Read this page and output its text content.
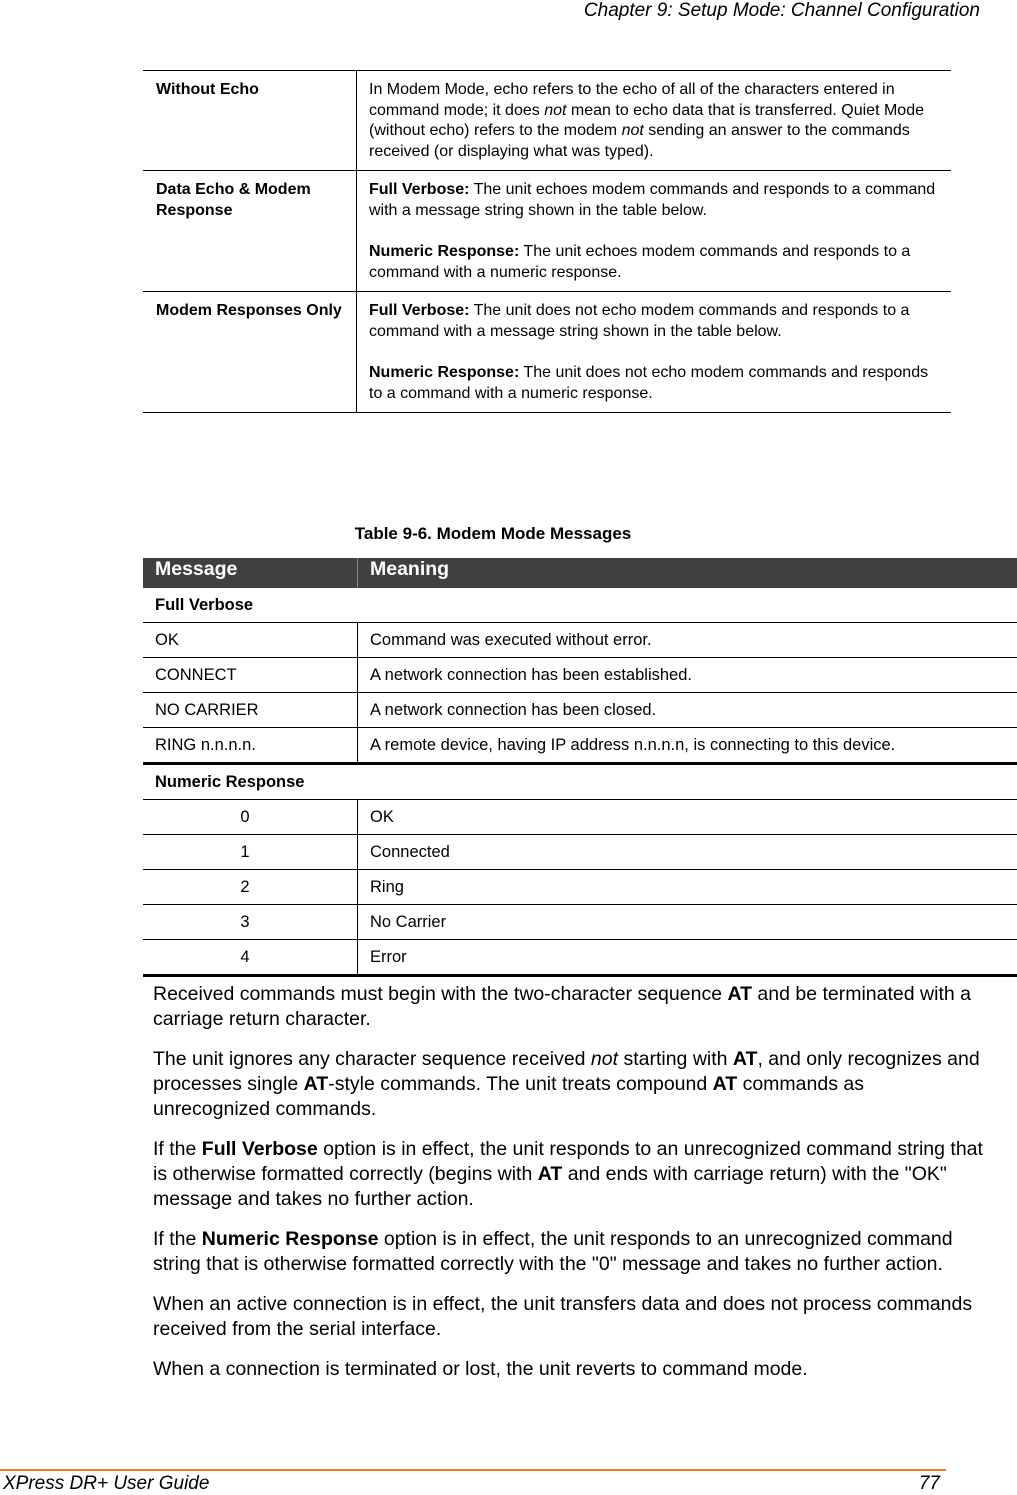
Chapter 9: Setup Mode: Channel Configuration
Without Echo	In Modem Mode, echo refers to the echo of all of the characters entered in command mode; it does not mean to echo data that is transferred. Quiet Mode (without echo) refers to the modem not sending an answer to the commands received (or displaying what was typed).

Data Echo & Modem Response	Full Verbose: The unit echoes modem commands and responds to a command with a message string shown in the table below.

Numeric Response: The unit echoes modem commands and responds to a command with a numeric response.

Modem Responses Only	Full Verbose: The unit does not echo modem commands and responds to a command with a message string shown in the table below.

Numeric Response: The unit does not echo modem commands and responds to a command with a numeric response.

Table 9-6. Modem Mode Messages
Message	Meaning
Full Verbose	
OK	Command was executed without error.
CONNECT	A network connection has been established.
NO CARRIER	A network connection has been closed.
RING n.n.n.n.	A remote device, having IP address n.n.n.n, is connecting to this device.
Numeric Response	
0	OK
1	Connected
2	Ring
3	No Carrier
4	Error

Received commands must begin with the two-character sequence AT and be terminated with a carriage return character.

The unit ignores any character sequence received not starting with AT, and only recognizes and processes single AT-style commands. The unit treats compound AT commands as unrecognized commands.

If the Full Verbose option is in effect, the unit responds to an unrecognized command string that is otherwise formatted correctly (begins with AT and ends with carriage return) with the "OK" message and takes no further action.

If the Numeric Response option is in effect, the unit responds to an unrecognized command string that is otherwise formatted correctly with the "0" message and takes no further action.

When an active connection is in effect, the unit transfers data and does not process commands received from the serial interface.

When a connection is terminated or lost, the unit reverts to command mode.

XPress DR+ User Guide	77
